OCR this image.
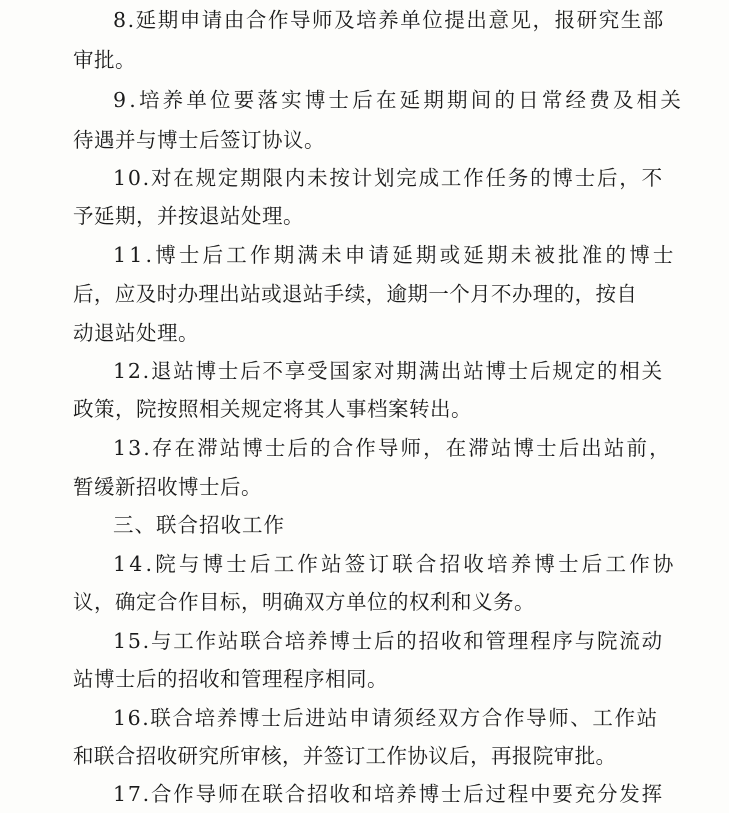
8.延期申请由合作导师及培养单位提出意见，报研究生部
审批。
9.培养单位要落实博士后在延期期间的日常经费及相关
待遇并与博士后签订协议。
10.对在规定期限内未按计划完成工作任务的博士后，不
予延期，并按退站处理。
11.博士后工作期满未申请延期或延期未被批准的博士
后，应及时办理出站或退站手续，逾期一个月不办理的，按自
动退站处理。
12.退站博士后不享受国家对期满出站博士后规定的相关
政策，院按照相关规定将其人事档案转出。
13.存在滞站博士后的合作导师，在滞站博士后出站前，
暂缓新招收博士后。
三、联合招收工作
14.院与博士后工作站签订联合招收培养博士后工作协
议，确定合作目标，明确双方单位的权利和义务。
15.与工作站联合培养博士后的招收和管理程序与院流动
站博士后的招收和管理程序相同。
16.联合培养博士后进站申请须经双方合作导师、工作站
和联合招收研究所审核，并签订工作协议后，再报院审批。
17.合作导师在联合招收和培养博士后过程中要充分发挥
